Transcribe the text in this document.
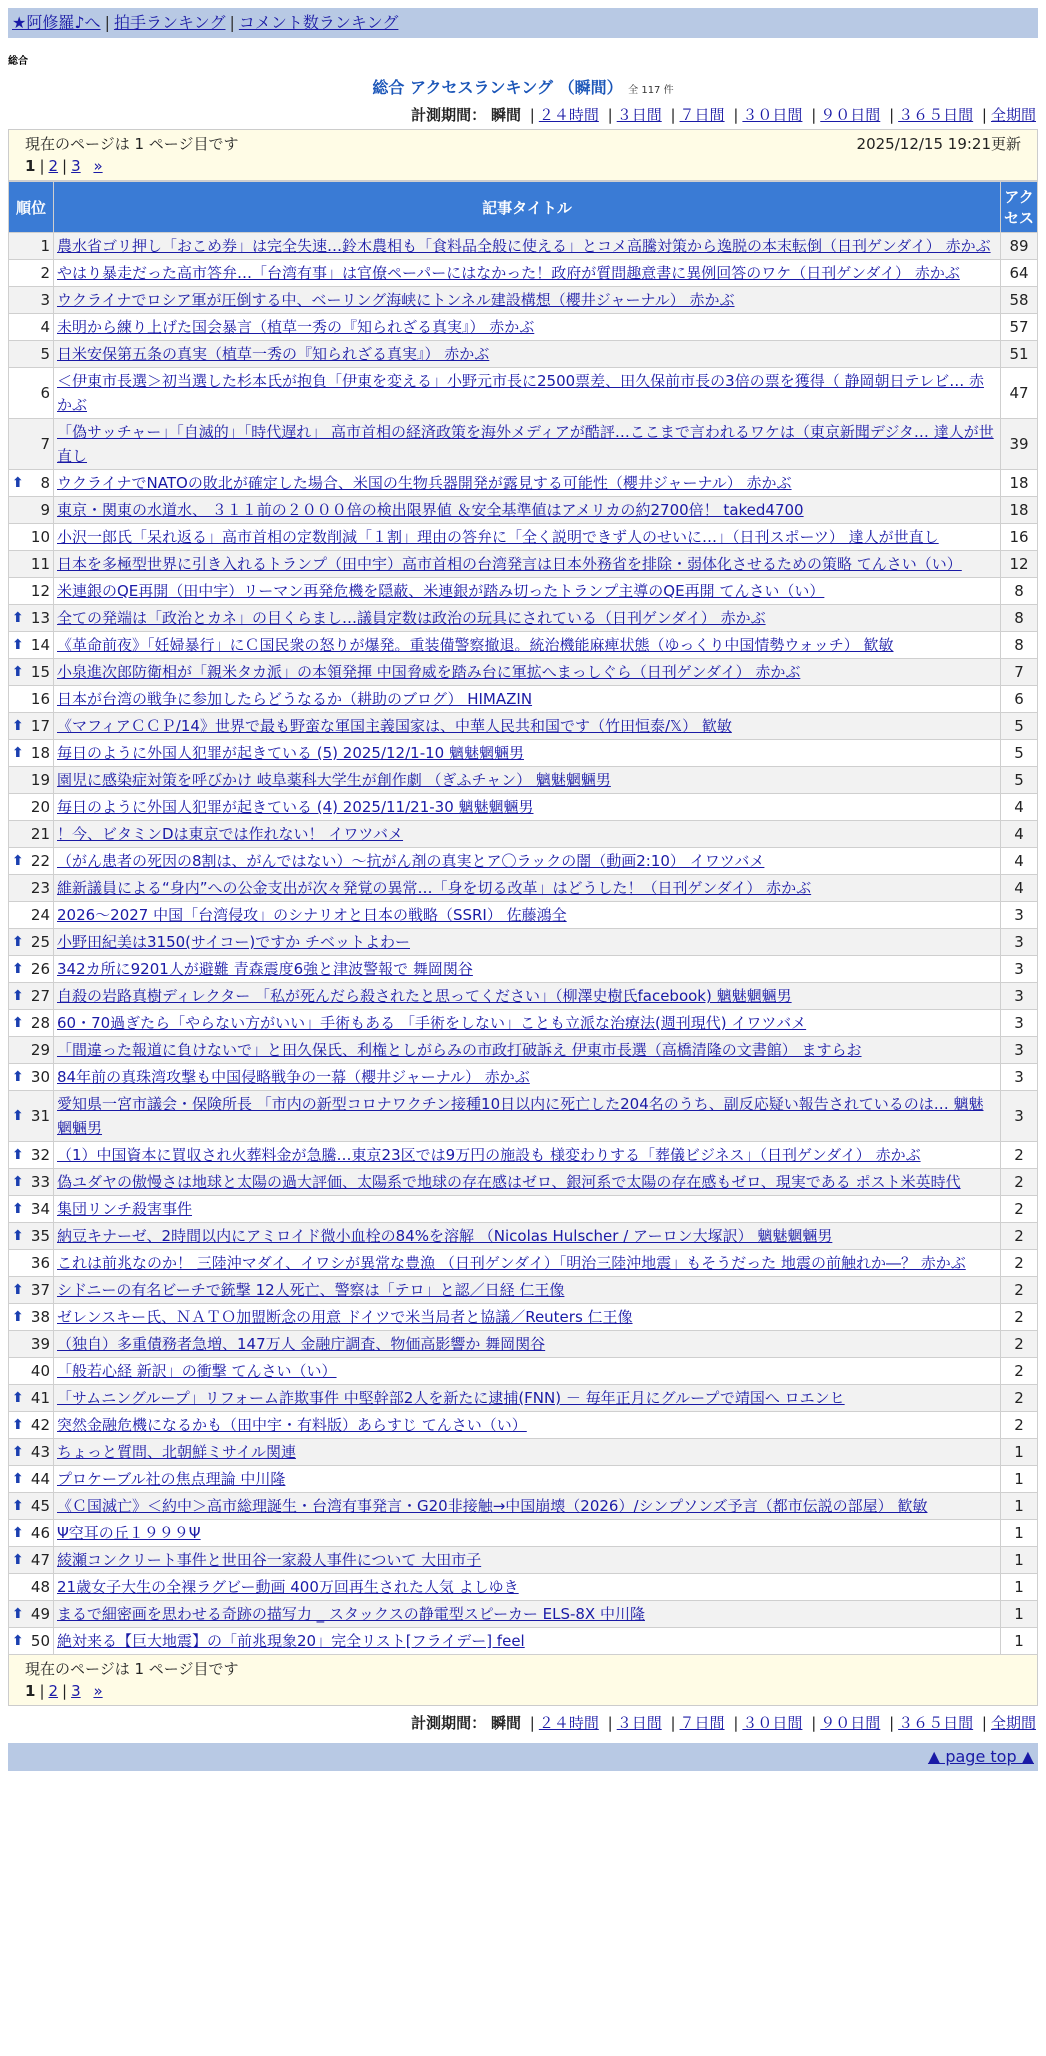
★阿修羅♪へ | 拍手ランキング | コメント数ランキング
総合
総合 アクセスランキング （瞬間） 全 117 件
計測期間： 瞬間 | ２４時間 | ３日間 | ７日間 | ３０日間 | ９０日間 | ３６５日間 | 全期間
現在のページは 1 ページ目です	2025/12/15 19:21更新
1 | 2 | 3 »
順位	記事タイトル	アクセス
1	農水省ゴリ押し「おこめ券」は完全失速…鈴木農相も「食料品全般に使える」とコメ高騰対策から逸脱の本末転倒（日刊ゲンダイ） 赤かぶ	89
2	やはり暴走だった高市答弁…「台湾有事」は官僚ペーパーにはなかった！政府が質問趣意書に異例回答のワケ（日刊ゲンダイ） 赤かぶ	64
3	ウクライナでロシア軍が圧倒する中、ベーリング海峡にトンネル建設構想（櫻井ジャーナル） 赤かぶ	58
4	未明から練り上げた国会暴言（植草一秀の『知られざる真実』） 赤かぶ	57
5	日米安保第五条の真実（植草一秀の『知られざる真実』） 赤かぶ	51
6	＜伊東市長選＞初当選した杉本氏が抱負「伊東を変える」小野元市長に2500票差、田久保前市長の3倍の票を獲得（ 静岡朝日テレビ… 赤かぶ	47
7	「偽サッチャー」「自滅的」「時代遅れ」 高市首相の経済政策を海外メディアが酷評…ここまで言われるワケは（東京新聞デジタ… 達人が世直し	39

⬆ 8	ウクライナでNATOの敗北が確定した場合、米国の生物兵器開発が露見する可能性（櫻井ジャーナル） 赤かぶ	18
9	東京・関東の水道水、 ３１１前の２０００倍の検出限界値 ＆安全基準値はアメリカの約2700倍！ taked4700	18
10	小沢一郎氏「呆れ返る」高市首相の定数削減「１割」理由の答弁に「全く説明できず人のせいに…」（日刊スポーツ） 達人が世直し	16
11	日本を多極型世界に引き入れるトランプ（田中宇）高市首相の台湾発言は日本外務省を排除・弱体化させるための策略 てんさい（い）	12
12	米連銀のQE再開（田中宇）リーマン再発危機を隠蔽、米連銀が踏み切ったトランプ主導のQE再開 てんさい（い）	8

⬆ 13	全ての発端は「政治とカネ」の目くらまし…議員定数は政治の玩具にされている（日刊ゲンダイ） 赤かぶ	8

⬆ 14	《革命前夜》「妊婦暴行」にＣ国民衆の怒りが爆発。重装備警察撤退。統治機能麻痺状態（ゆっくり中国情勢ウォッチ） 歓敏	8

⬆ 15	小泉進次郎防衛相が「親米タカ派」の本領発揮 中国脅威を踏み台に軍拡へまっしぐら（日刊ゲンダイ） 赤かぶ	7
16	日本が台湾の戦争に参加したらどうなるか（耕助のブログ） HIMAZIN	6

⬆ 17	《マフィアＣＣＰ/14》世界で最も野蛮な軍国主義国家は、中華人民共和国です（竹田恒泰/𝕏） 歓敏	5

⬆ 18	毎日のように外国人犯罪が起きている (5) 2025/12/1-10 魑魅魍魎男	5
19	園児に感染症対策を呼びかけ 岐阜薬科大学生が創作劇 （ぎふチャン） 魑魅魍魎男	5
20	毎日のように外国人犯罪が起きている (4) 2025/11/21-30 魑魅魍魎男	4
21	！今、ビタミンDは東京では作れない！ イワツバメ	4

⬆ 22	（がん患者の死因の8割は、がんではない）～抗がん剤の真実とア〇ラックの闇（動画2:10） イワツバメ	4
23	維新議員による“身内”への公金支出が次々発覚の異常…「身を切る改革」はどうした！（日刊ゲンダイ） 赤かぶ	4
24	2026～2027 中国「台湾侵攻」のシナリオと日本の戦略（SSRI） 佐藤鴻全	3

⬆ 25	小野田紀美は3150(サイコー)ですか チベットよわー	3

⬆ 26	342カ所に9201人が避難 青森震度6強と津波警報で 舞岡関谷	3

⬆ 27	自殺の岩路真樹ディレクター 「私が死んだら殺されたと思ってください」（柳澤史樹氏facebook) 魑魅魍魎男	3

⬆ 28	60・70過ぎたら「やらない方がいい」手術もある 「手術をしない」ことも立派な治療法(週刊現代) イワツバメ	3
29	「間違った報道に負けないで」と田久保氏、利権としがらみの市政打破訴え 伊東市長選（高橋清隆の文書館） ますらお	3

⬆ 30	84年前の真珠湾攻撃も中国侵略戦争の一幕（櫻井ジャーナル） 赤かぶ	3

⬆ 31	愛知県一宮市議会・保険所長 「市内の新型コロナワクチン接種10日以内に死亡した204名のうち、副反応疑い報告されているのは… 魑魅魍魎男	3

⬆ 32	（1）中国資本に買収され火葬料金が急騰…東京23区では9万円の施設も 様変わりする「葬儀ビジネス」（日刊ゲンダイ） 赤かぶ	2

⬆ 33	偽ユダヤの傲慢さは地球と太陽の過大評価、太陽系で地球の存在感はゼロ、銀河系で太陽の存在感もゼロ、現実である ポスト米英時代	2

⬆ 34	集団リンチ殺害事件	2

⬆ 35	納豆キナーゼ、2時間以内にアミロイド微小血栓の84%を溶解 （Nicolas Hulscher / アーロン大塚訳） 魑魅魍魎男	2
36	これは前兆なのか！ 三陸沖マダイ、イワシが異常な豊漁 （日刊ゲンダイ）「明治三陸沖地震」もそうだった 地震の前触れか―？ 赤かぶ	2

⬆ 37	シドニーの有名ビーチで銃撃 12人死亡、警察は「テロ」と認／日経 仁王像	2

⬆ 38	ゼレンスキー氏、ＮＡＴＯ加盟断念の用意 ドイツで米当局者と協議／Reuters 仁王像	2
39	（独自）多重債務者急増、147万人 金融庁調査、物価高影響か 舞岡関谷	2
40	「般若心経 新訳」の衝撃 てんさい（い）	2

⬆ 41	「サムニングループ」リフォーム詐欺事件 中堅幹部2人を新たに逮捕(FNN) － 毎年正月にグループで靖国へ ロエンヒ	2

⬆ 42	突然金融危機になるかも（田中宇・有料版）あらすじ てんさい（い）	2

⬆ 43	ちょっと質問、北朝鮮ミサイル関連	1

⬆ 44	プロケーブル社の焦点理論 中川隆	1

⬆ 45	《Ｃ国滅亡》＜約中＞高市総理誕生・台湾有事発言・G20非接触→中国崩壊（2026）/シンプソンズ予言（都市伝説の部屋） 歓敏	1

⬆ 46	Ψ空耳の丘１９９９Ψ	1

⬆ 47	綾瀬コンクリート事件と世田谷一家殺人事件について 大田市子	1
48	21歳女子大生の全裸ラグビー動画 400万回再生された人気 よしゆき	1

⬆ 49	まるで細密画を思わせる奇跡の描写力 _ スタックスの静電型スピーカー ELS-8X 中川隆	1

⬆ 50	絶対来る【巨大地震】の「前兆現象20」完全リスト[フライデー] feel	1
現在のページは 1 ページ目です
1 | 2 | 3 »
計測期間： 瞬間 | ２４時間 | ３日間 | ７日間 | ３０日間 | ９０日間 | ３６５日間 | 全期間
▲ page top ▲
